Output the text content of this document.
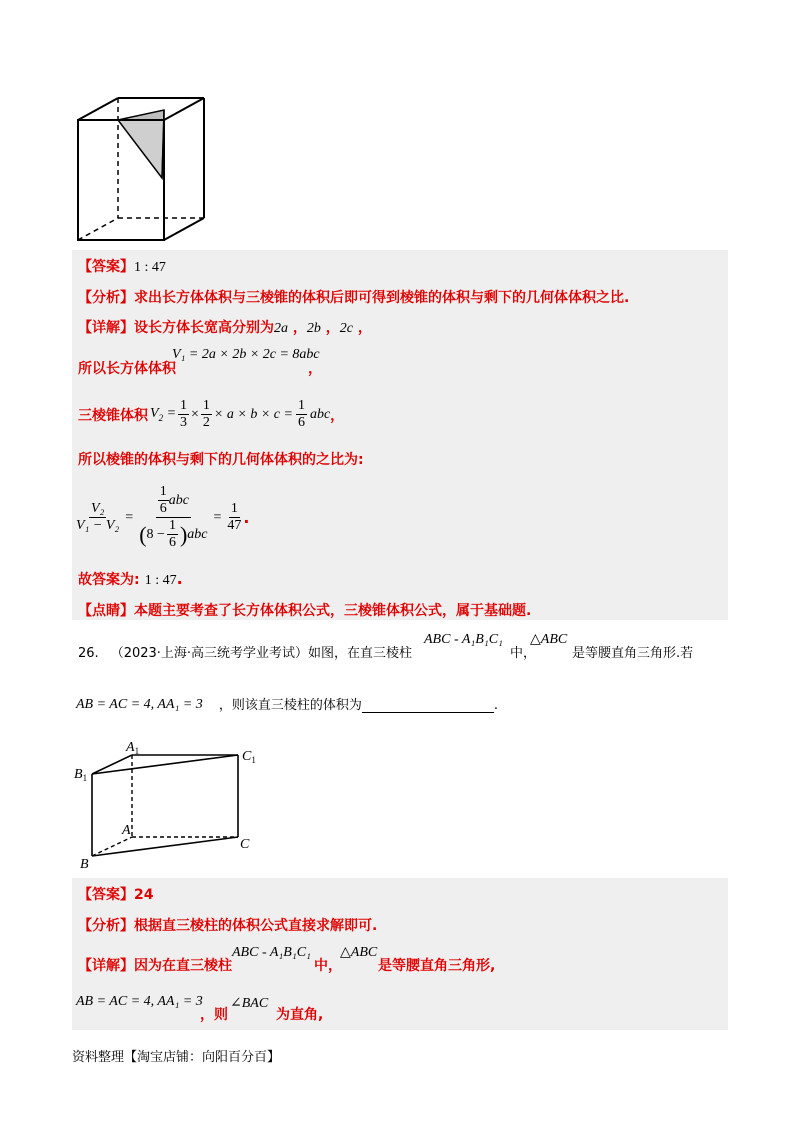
【答案】1 : 47
【分析】求出长方体体积与三棱锥的体积后即可得到棱锥的体积与剩下的几何体体积之比.
【详解】设长方体长宽高分别为2a ，2b ，2c ，
V₁ = 2a × 2b × 2c = 8abc
所以长方体体积	，
三棱锥体积 $V_2 = \frac{1}{3} \times \frac{1}{2} \times a \times b \times c = \frac{1}{6}$ abc ，
所以棱锥的体积与剩下的几何体体积的之比为:
$\frac{\text{V₂}}{\text{V₁ − V₂}} = \frac{\frac{1}{6} abc}{( 8 - \frac{1}{6} ) abc} = \frac{1}{47}$ .
故答案为: 1 : 47.
【点睛】本题主要考查了长方体体积公式，三棱锥体积公式，属于基础题.
26. （2023·上海·高三统考学业考试）如图，在直三棱柱
ABC - A₁B₁C₁
中，
△ABC
是等腰直角三角形.若
AB = AC = 4, AA₁ = 3 ，则该直三棱柱的体积为	.
$A_1$
$B_1$
$C_1$
A
B
C
【答案】24
【分析】根据直三棱柱的体积公式直接求解即可.
【详解】因为在直三棱柱
ABC - A₁B₁C₁
中，
△ABC
是等腰直角三角形,
AB = AC = 4, AA₁ = 3
，则
∠BAC
为直角,
资料整理【淘宝店铺：向阳百分百】
